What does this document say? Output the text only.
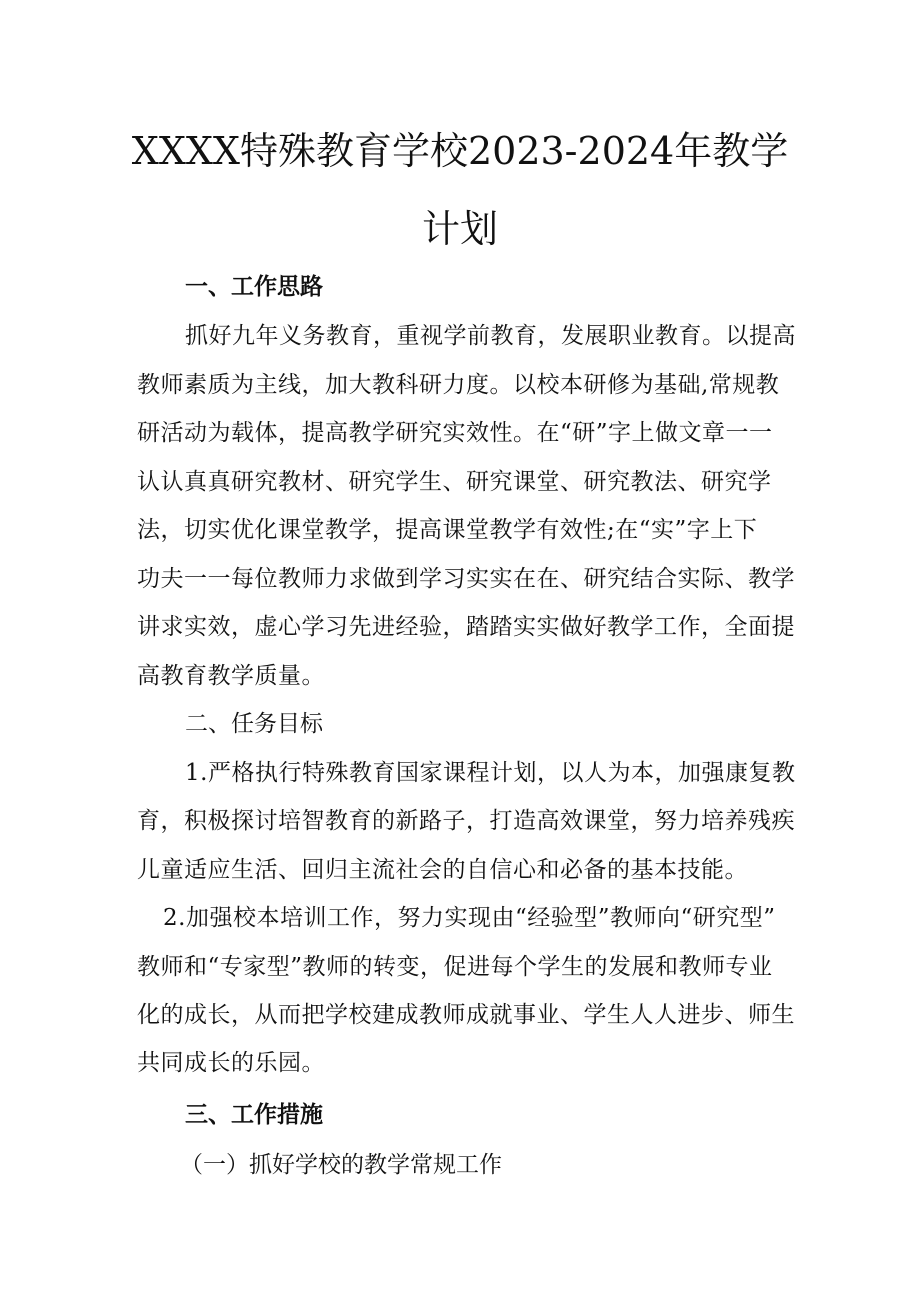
XXXX特殊教育学校2023-2024年教学
计划
一、工作思路
抓好九年义务教育，重视学前教育，发展职业教育。以提高
教师素质为主线，加大教科研力度。以校本研修为基础,常规教
研活动为载体，提高教学研究实效性。在“研”字上做文章一一
认认真真研究教材、研究学生、研究课堂、研究教法、研究学
法，切实优化课堂教学，提高课堂教学有效性;在“实”字上下
功夫一一每位教师力求做到学习实实在在、研究结合实际、教学
讲求实效，虚心学习先进经验，踏踏实实做好教学工作，全面提
高教育教学质量。
二、任务目标
1.严格执行特殊教育国家课程计划，以人为本，加强康复教
育，积极探讨培智教育的新路子，打造高效课堂，努力培养残疾
儿童适应生活、回归主流社会的自信心和必备的基本技能。
2.加强校本培训工作，努力实现由“经验型”教师向“研究型”
教师和“专家型”教师的转变，促进每个学生的发展和教师专业
化的成长，从而把学校建成教师成就事业、学生人人进步、师生
共同成长的乐园。
三、工作措施
（一）抓好学校的教学常规工作
